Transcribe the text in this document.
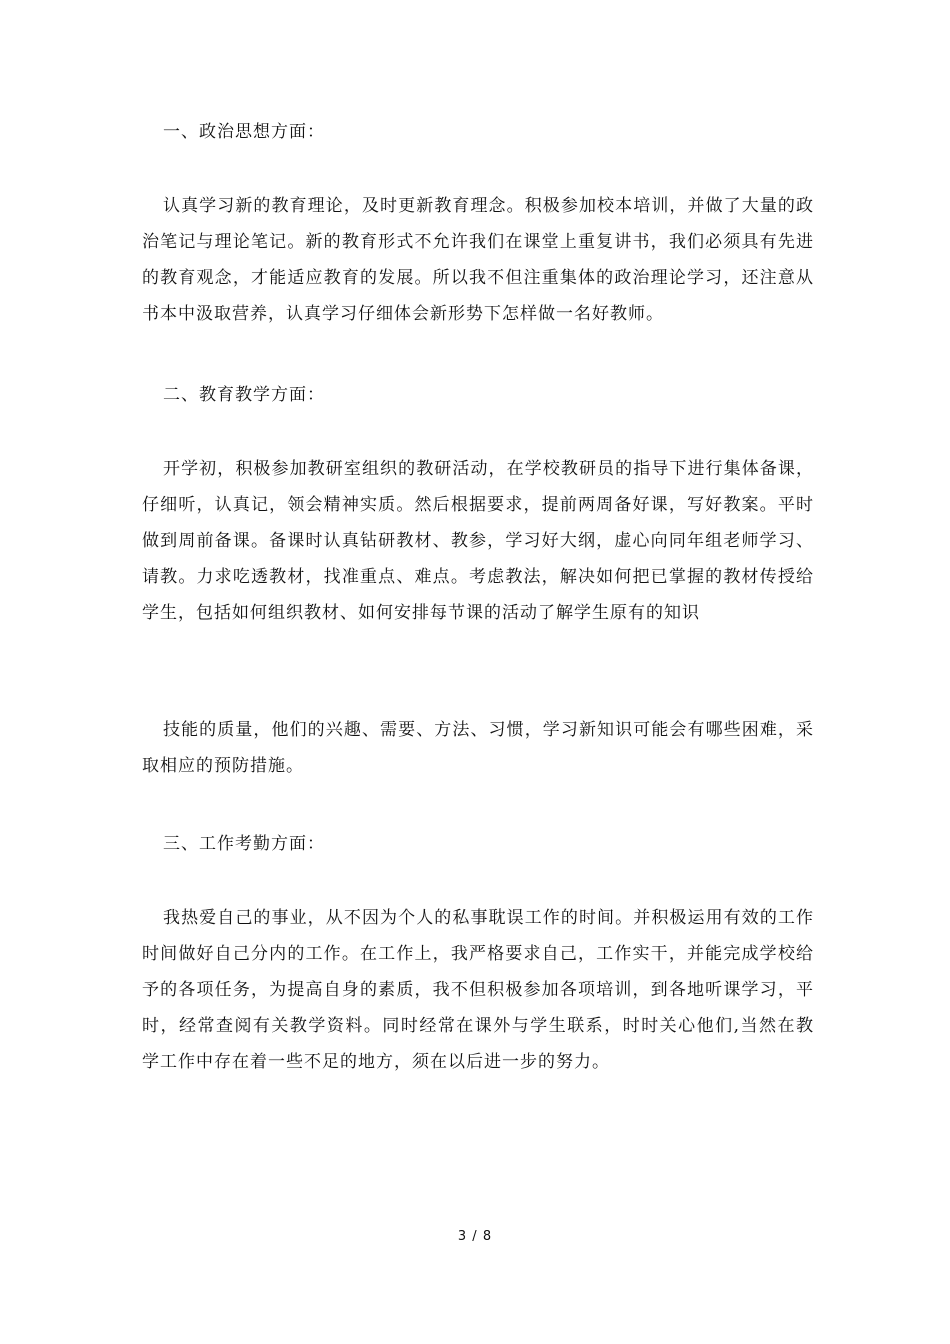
一、政治思想方面：

认真学习新的教育理论，及时更新教育理念。积极参加校本培训，并做了大量的政治笔记与理论笔记。新的教育形式不允许我们在课堂上重复讲书，我们必须具有先进的教育观念，才能适应教育的发展。所以我不但注重集体的政治理论学习，还注意从书本中汲取营养，认真学习仔细体会新形势下怎样做一名好教师。

二、教育教学方面：

开学初，积极参加教研室组织的教研活动，在学校教研员的指导下进行集体备课，仔细听，认真记，领会精神实质。然后根据要求，提前两周备好课，写好教案。平时做到周前备课。备课时认真钻研教材、教参，学习好大纲，虚心向同年组老师学习、请教。力求吃透教材，找准重点、难点。考虑教法，解决如何把已掌握的教材传授给学生，包括如何组织教材、如何安排每节课的活动了解学生原有的知识

技能的质量，他们的兴趣、需要、方法、习惯，学习新知识可能会有哪些困难，采取相应的预防措施。

三、工作考勤方面：

我热爱自己的事业，从不因为个人的私事耽误工作的时间。并积极运用有效的工作时间做好自己分内的工作。在工作上，我严格要求自己，工作实干，并能完成学校给予的各项任务，为提高自身的素质，我不但积极参加各项培训，到各地听课学习，平时，经常查阅有关教学资料。同时经常在课外与学生联系，时时关心他们,当然在教学工作中存在着一些不足的地方，须在以后进一步的努力。

3 / 8
